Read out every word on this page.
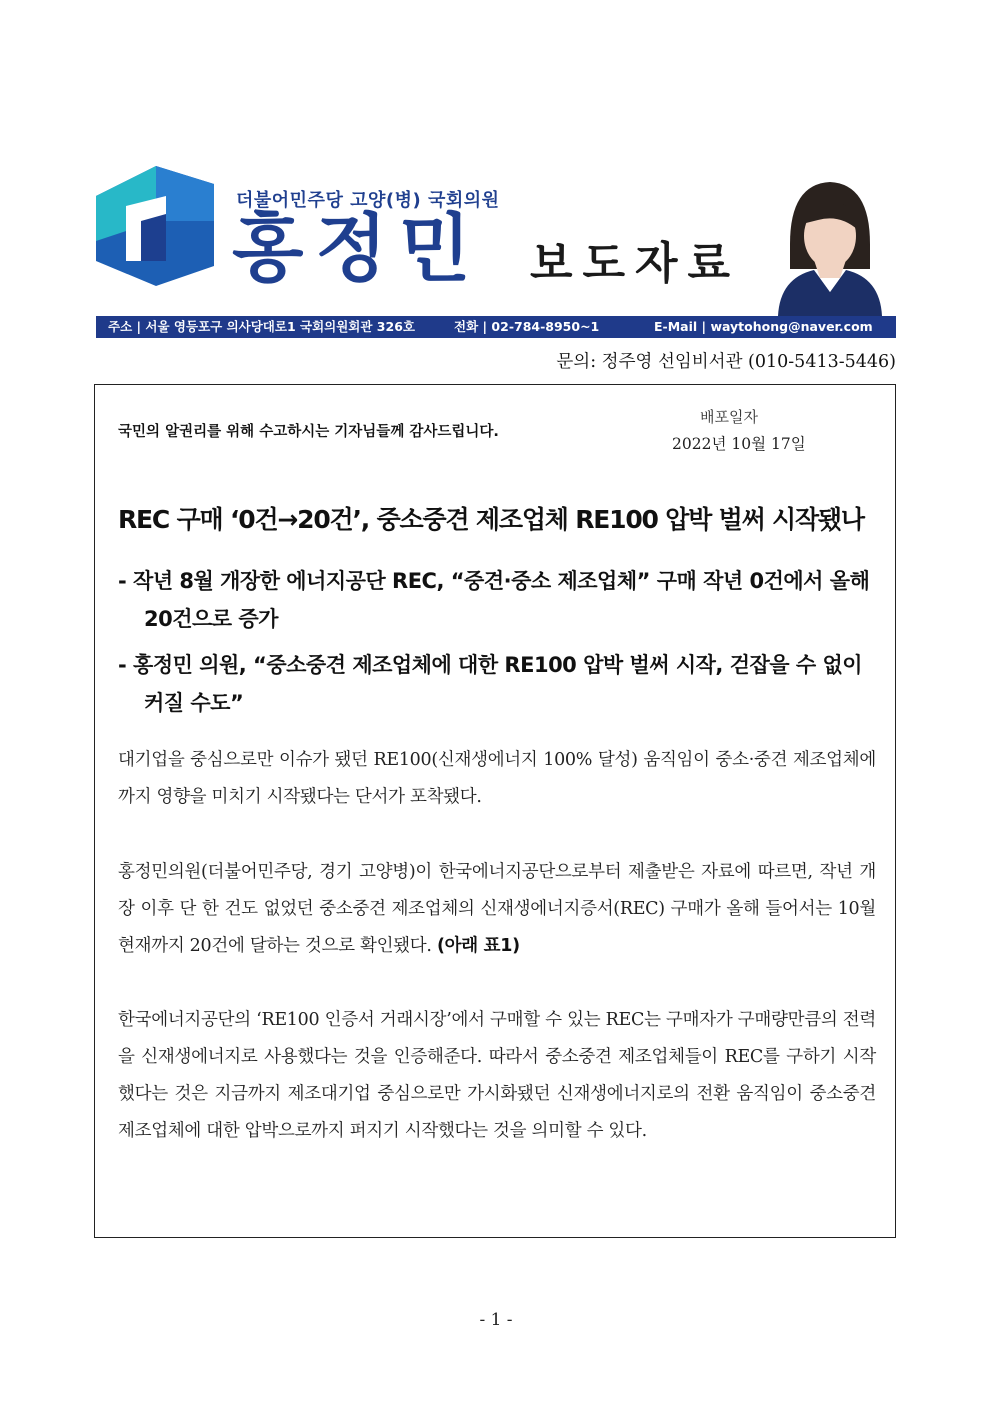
더불어민주당 고양(병) 국회의원
홍정민 보도자료
주소 | 서울 영등포구 의사당대로1 국회의원회관 326호	전화 | 02-784-8950~1	E-Mail | waytohong@naver.com
문의: 정주영 선임비서관 (010-5413-5446)
국민의 알권리를 위해 수고하시는 기자님들께 감사드립니다.
배포일자
2022년 10월 17일
REC 구매 ‘0건→20건’, 중소중견 제조업체 RE100 압박 벌써 시작됐나
- 작년 8월 개장한 에너지공단 REC, “중견·중소 제조업체” 구매 작년 0건에서 올해 20건으로 증가
- 홍정민 의원, “중소중견 제조업체에 대한 RE100 압박 벌써 시작, 걷잡을 수 없이 커질 수도”
대기업을 중심으로만 이슈가 됐던 RE100(신재생에너지 100% 달성) 움직임이 중소·중견 제조업체에까지 영향을 미치기 시작됐다는 단서가 포착됐다.
홍정민의원(더불어민주당, 경기 고양병)이 한국에너지공단으로부터 제출받은 자료에 따르면, 작년 개장 이후 단 한 건도 없었던 중소중견 제조업체의 신재생에너지증서(REC) 구매가 올해 들어서는 10월 현재까지 20건에 달하는 것으로 확인됐다. (아래 표1)
한국에너지공단의 ‘RE100 인증서 거래시장’에서 구매할 수 있는 REC는 구매자가 구매량만큼의 전력을 신재생에너지로 사용했다는 것을 인증해준다. 따라서 중소중견 제조업체들이 REC를 구하기 시작했다는 것은 지금까지 제조대기업 중심으로만 가시화됐던 신재생에너지로의 전환 움직임이 중소중견 제조업체에 대한 압박으로까지 퍼지기 시작했다는 것을 의미할 수 있다.
- 1 -
